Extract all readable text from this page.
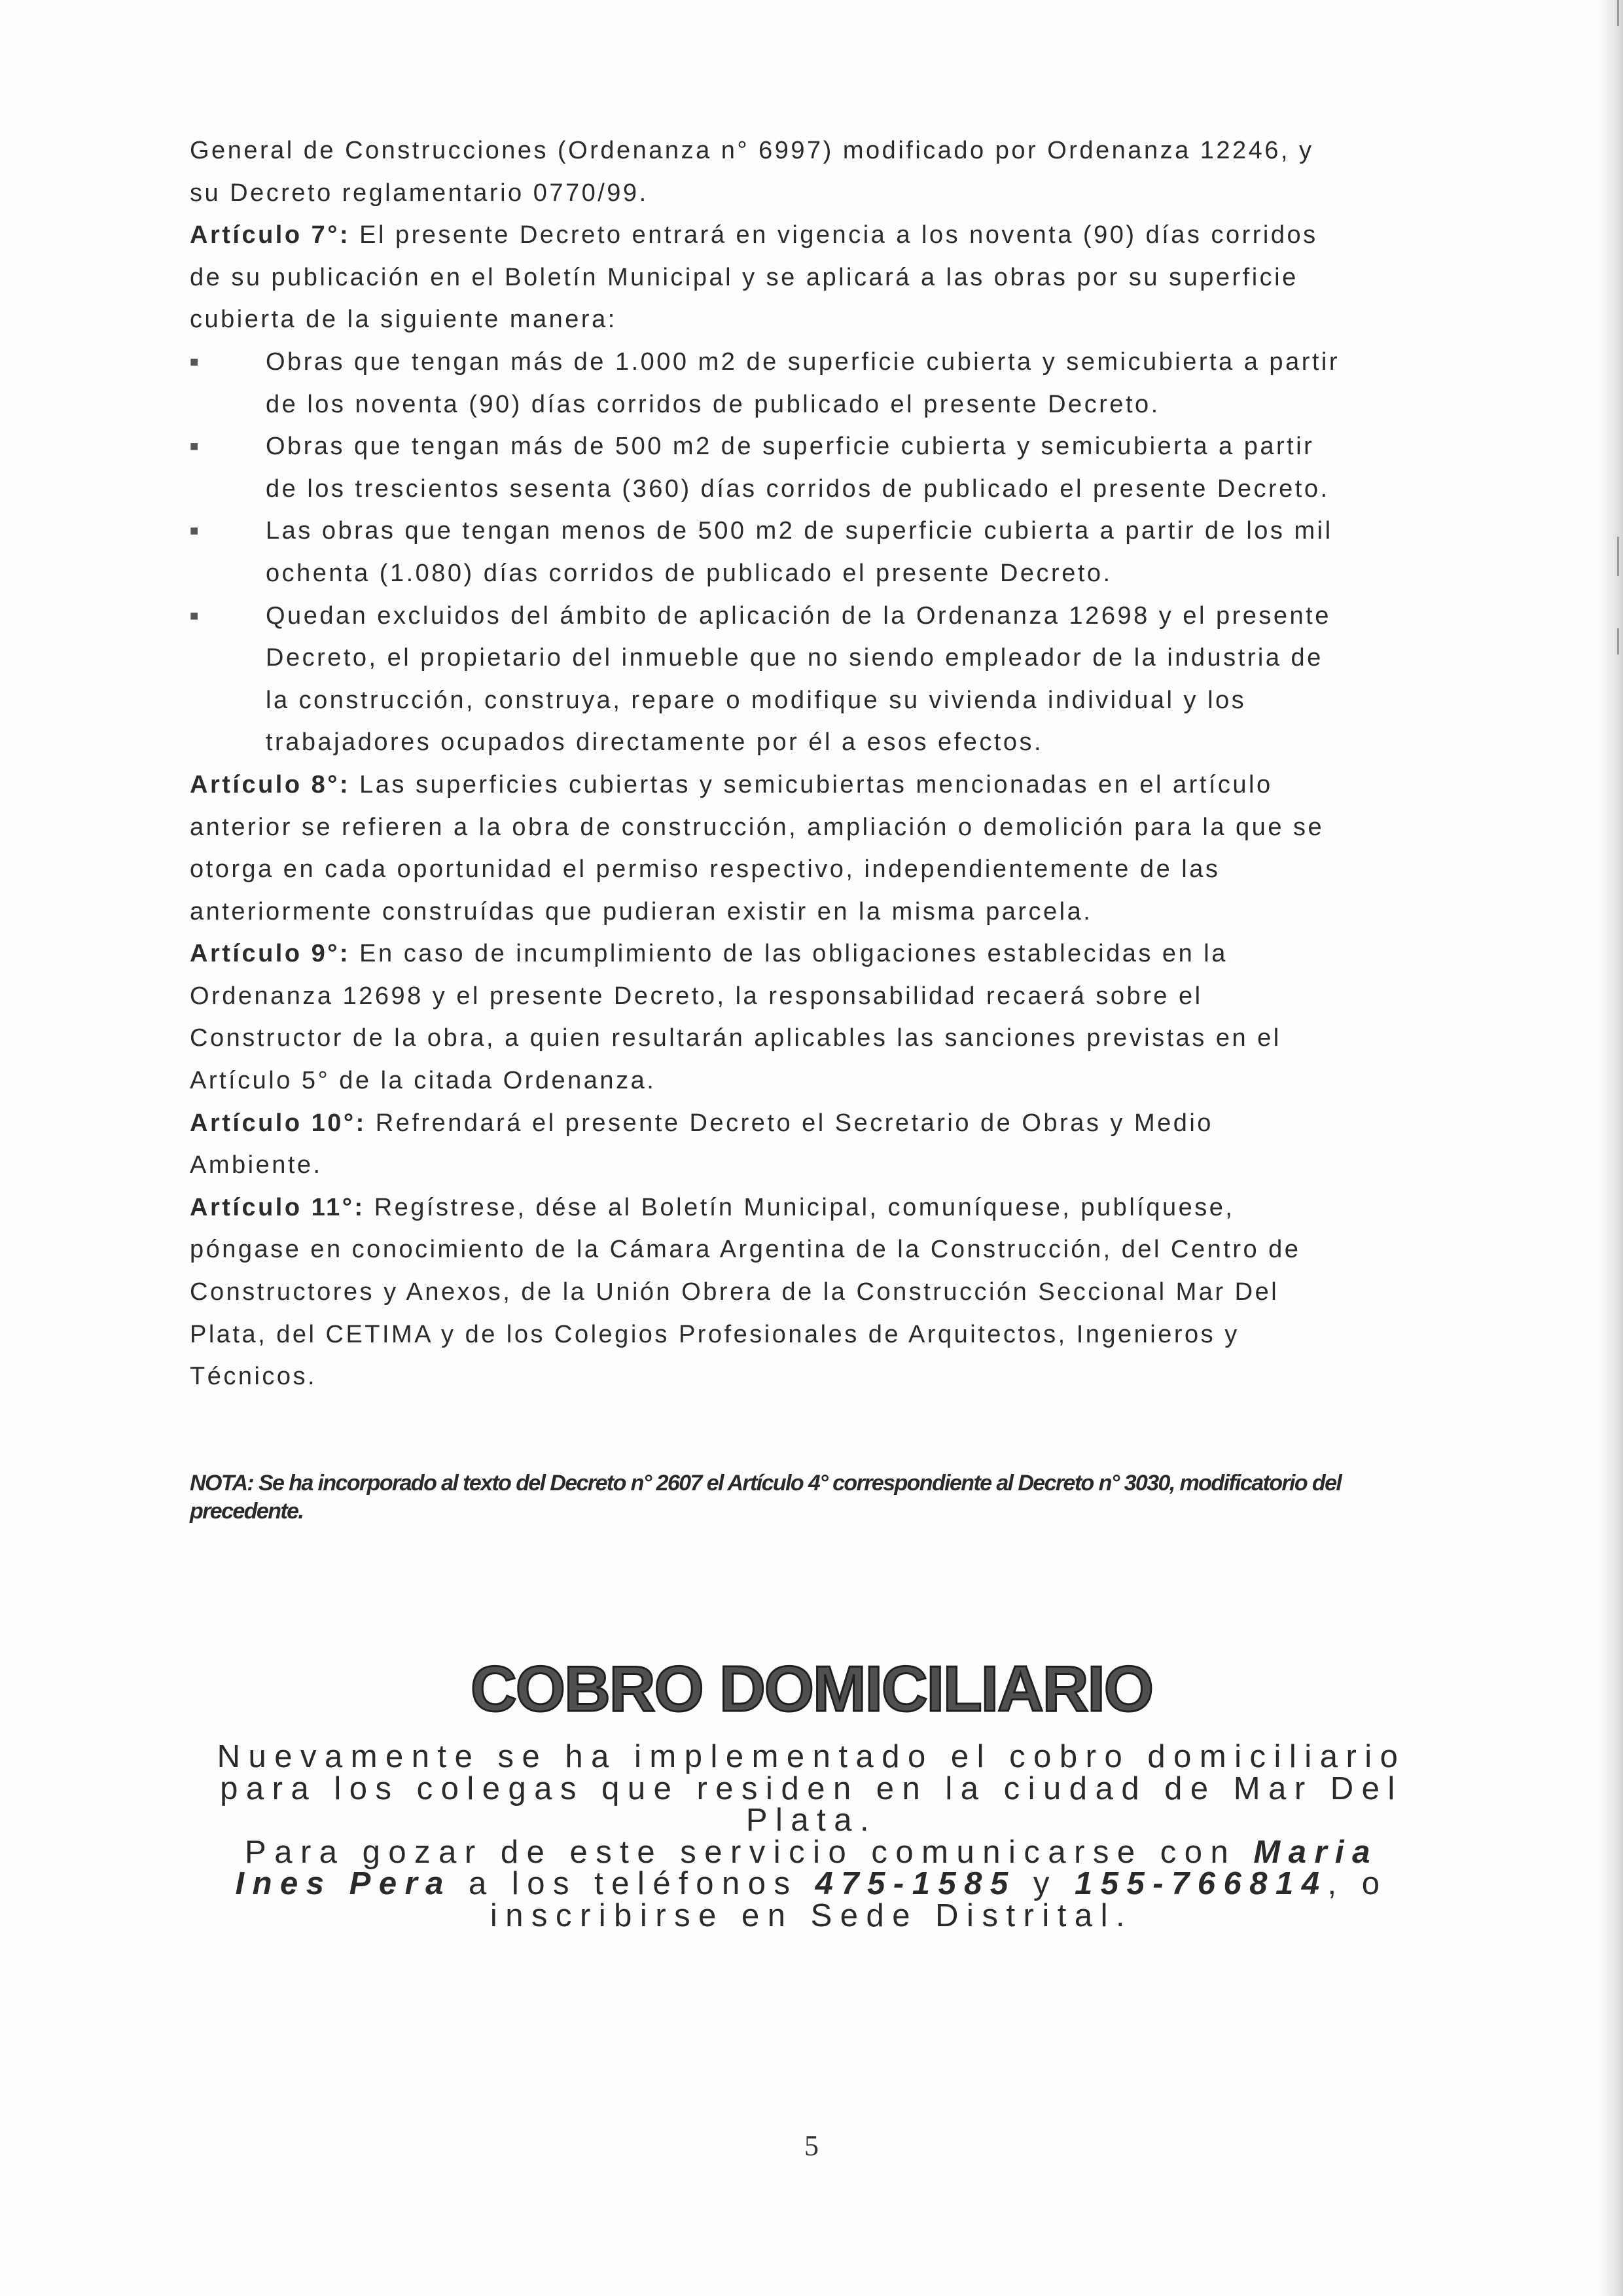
General de Construcciones (Ordenanza n° 6997) modificado por Ordenanza 12246, y su Decreto reglamentario 0770/99.

Artículo 7°: El presente Decreto entrará en vigencia a los noventa (90) días corridos de su publicación en el Boletín Municipal y se aplicará a las obras por su superficie cubierta de la siguiente manera:

■	Obras que tengan más de 1.000 m2 de superficie cubierta y semicubierta a partir de los noventa (90) días corridos de publicado el presente Decreto.
■	Obras que tengan más de 500 m2 de superficie cubierta y semicubierta a partir de los trescientos sesenta (360) días corridos de publicado el presente Decreto.
■	Las obras que tengan menos de 500 m2 de superficie cubierta a partir de los mil ochenta (1.080) días corridos de publicado el presente Decreto.
■	Quedan excluidos del ámbito de aplicación de la Ordenanza 12698 y el presente Decreto, el propietario del inmueble que no siendo empleador de la industria de la construcción, construya, repare o modifique su vivienda individual y los trabajadores ocupados directamente por él a esos efectos.

Artículo 8°: Las superficies cubiertas y semicubiertas mencionadas en el artículo anterior se refieren a la obra de construcción, ampliación o demolición para la que se otorga en cada oportunidad el permiso respectivo, independientemente de las anteriormente construídas que pudieran existir en la misma parcela.

Artículo 9°: En caso de incumplimiento de las obligaciones establecidas en la Ordenanza 12698 y el presente Decreto, la responsabilidad recaerá sobre el Constructor de la obra, a quien resultarán aplicables las sanciones previstas en el Artículo 5° de la citada Ordenanza.

Artículo 10°: Refrendará el presente Decreto el Secretario de Obras y Medio Ambiente.

Artículo 11°: Regístrese, dése al Boletín Municipal, comuníquese, publíquese, póngase en conocimiento de la Cámara Argentina de la Construcción, del Centro de Constructores y Anexos, de la Unión Obrera de la Construcción Seccional Mar Del Plata, del CETIMA y de los Colegios Profesionales de Arquitectos, Ingenieros y Técnicos.

NOTA: Se ha incorporado al texto del Decreto n° 2607 el Artículo 4° correspondiente al Decreto n° 3030, modificatorio del precedente.
COBRO DOMICILIARIO

Nuevamente se ha implementado el cobro domiciliario para los colegas que residen en la ciudad de Mar Del Plata.

Para gozar de este servicio comunicarse con Maria Ines Pera a los teléfonos 475-1585 y 155-766814, o inscribirse en Sede Distrital.

5
